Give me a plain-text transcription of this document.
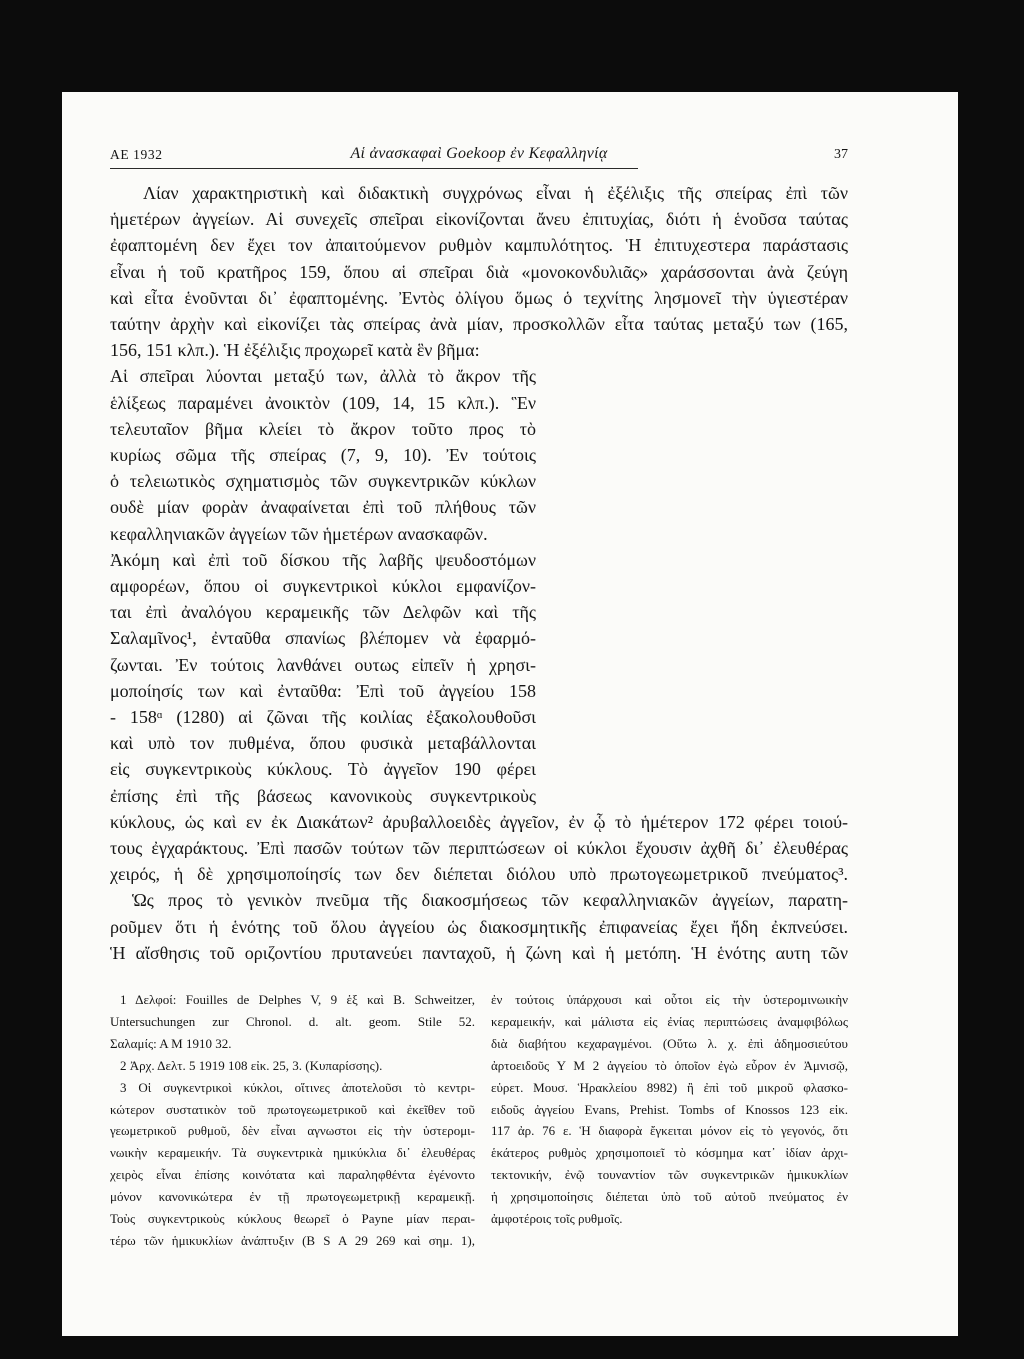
ΑΕ 1932	Αἱ ἀνασκαφαὶ Goekoop ἐν Κεφαλληνίᾳ	37
Λίαν χαρακτηριστικὴ καὶ διδακτικὴ συγχρόνως εἶναι ἡ ἐξέλιξις τῆς σπείρας ἐπὶ τῶν
ἡμετέρων ἀγγείων. Αἱ συνεχεῖς σπεῖραι εἰκονίζονται ἄνευ ἐπιτυχίας, διότι ἡ ἑνοῦσα ταύτας
ἐφαπτομένη δεν ἔχει τον ἀπαιτούμενον ρυθμὸν καμπυλότητος. Ἡ ἐπιτυχεστερα παράστασις
εἶναι ἡ τοῦ κρατῆρος 159, ὅπου αἱ σπεῖραι διὰ «μονοκονδυλιᾶς» χαράσσονται ἀνὰ ζεύγη
καὶ εἶτα ἑνοῦνται δι᾽ ἐφαπτομένης. Ἐντὸς ὀλίγου ὅμως ὁ τεχνίτης λησμονεῖ τὴν ὑγιεστέραν
ταύτην ἀρχὴν καὶ εἰκονίζει τὰς σπείρας ἀνὰ μίαν, προσκολλῶν εἶτα ταύτας μεταξύ των (165,
156, 151 κλπ.). Ἡ ἐξέλιξις προχωρεῖ κατὰ ἓν βῆμα:
Αἱ σπεῖραι λύονται μεταξύ των, ἀλλὰ τὸ ἄκρον τῆς
ἑλίξεως παραμένει ἀνοικτὸν (109, 14, 15 κλπ.). Ἓν
τελευταῖον βῆμα κλείει τὸ ἄκρον τοῦτο προς τὸ
κυρίως σῶμα τῆς σπείρας (7, 9, 10). Ἐν τούτοις
ὁ τελειωτικὸς σχηματισμὸς τῶν συγκεντρικῶν κύκλων
ουδὲ μίαν φορὰν ἀναφαίνεται ἐπὶ τοῦ πλήθους τῶν
κεφαλληνιακῶν ἀγγείων τῶν ἡμετέρων ανασκαφῶν.
Ἀκόμη καὶ ἐπὶ τοῦ δίσκου τῆς λαβῆς ψευδοστόμων
αμφορέων, ὅπου οἱ συγκεντρικοὶ κύκλοι εμφανίζον-
ται ἐπὶ ἀναλόγου κεραμεικῆς τῶν Δελφῶν καὶ τῆς
Σαλαμῖνος¹, ἐνταῦθα σπανίως βλέπομεν νὰ ἐφαρμό-
ζωνται. Ἐν τούτοις λανθάνει ουτως εἰπεῖν ἡ χρησι-
μοποίησίς των καὶ ἐνταῦθα: Ἐπὶ τοῦ ἀγγείου 158
- 158ᵅ (1280) αἱ ζῶναι τῆς κοιλίας ἐξακολουθοῦσι
καὶ υπὸ τον πυθμένα, ὅπου φυσικὰ μεταβάλλονται
εἰς συγκεντρικοὺς κύκλους. Τὸ ἀγγεῖον 190 φέρει
ἐπίσης ἐπὶ τῆς βάσεως κανονικοὺς συγκεντρικοὺς
κύκλους, ὡς καὶ εν ἐκ Διακάτων² ἀρυβαλλοειδὲς ἀγγεῖον, ἐν ᾧ τὸ ἡμέτερον 172 φέρει τοιού-
τους ἐγχαράκτους. Ἐπὶ πασῶν τούτων τῶν περιπτώσεων οἱ κύκλοι ἔχουσιν ἀχθῆ δι᾽ ἐλευθέρας
χειρός, ἡ δὲ χρησιμοποίησίς των δεν διέπεται διόλου υπὸ πρωτογεωμετρικοῦ πνεύματος³.
Ὡς προς τὸ γενικὸν πνεῦμα τῆς διακοσμήσεως τῶν κεφαλληνιακῶν ἀγγείων, παρατη-
ροῦμεν ὅτι ἡ ἑνότης τοῦ ὅλου ἀγγείου ὡς διακοσμητικῆς ἐπιφανείας ἔχει ἤδη ἐκπνεύσει.
Ἡ αἴσθησις τοῦ οριζοντίου πρυτανεύει πανταχοῦ, ἡ ζώνη καὶ ἡ μετόπη. Ἡ ἑνότης αυτη τῶν
1 Δελφοί: Fouilles de Delphes V, 9 ἑξ καὶ B. Schweitzer,
Untersuchungen zur Chronol. d. alt. geom. Stile 52.
Σαλαμίς: Α Μ 1910 32.
2 Ἀρχ. Δελτ. 5 1919 108 εἰκ. 25, 3. (Κυπαρίσσης).
3 Οἱ συγκεντρικοὶ κύκλοι, οἵτινες ἀποτελοῦσι τὸ κεντρι-
κώτερον συστατικὸν τοῦ πρωτογεωμετρικοῦ καὶ ἐκεῖθεν τοῦ
γεωμετρικοῦ ρυθμοῦ, δὲν εἶναι αγνωστοι εἰς τὴν ὑστερομι-
νωικὴν κεραμεικήν. Τὰ συγκεντρικὰ ημικύκλια δι᾽ ἐλευθέρας
χειρὸς εἶναι ἐπίσης κοινότατα καὶ παραληφθέντα ἐγένοντο
μόνον κανονικώτερα ἐν τῇ πρωτογεωμετρικῇ κεραμεικῇ.
Τοὺς συγκεντρικοὺς κύκλους θεωρεῖ ὁ Payne μίαν περαι-
τέρω τῶν ἡμικυκλίων ἀνάπτυξιν (Β S A 29 269 καὶ σημ. 1),
ἐν τούτοις ὑπάρχουσι καὶ οὗτοι εἰς τὴν ὑστερομινωικὴν
κεραμεικήν, καὶ μάλιστα εἰς ἐνίας περιπτώσεις ἀναμφιβόλως
διὰ διαβήτου κεχαραγμένοι. (Οὕτω λ. χ. ἐπὶ ἀδημοσιεύτου
ἀρτοειδοῦς Υ Μ 2 ἀγγείου τὸ ὁποῖον ἐγὼ εὗρον ἐν Ἀμνισῷ,
εὑρετ. Μουσ. Ἡρακλείου 8982) ἢ ἐπὶ τοῦ μικροῦ φλασκο-
ειδοῦς ἀγγείου Evans, Prehist. Tombs of Knossos 123 εἰκ.
117 ἀρ. 76 ε. Ἡ διαφορὰ ἔγκειται μόνον εἰς τὸ γεγονός, ὅτι
ἑκάτερος ρυθμὸς χρησιμοποιεῖ τὸ κόσμημα κατ᾽ ἰδίαν ἀρχι-
τεκτονικήν, ἐνῷ τουναντίον τῶν συγκεντρικῶν ἡμικυκλίων
ἡ χρησιμοποίησις διέπεται ὑπὸ τοῦ αὐτοῦ πνεύματος ἐν
ἀμφοτέροις τοῖς ρυθμοῖς.
